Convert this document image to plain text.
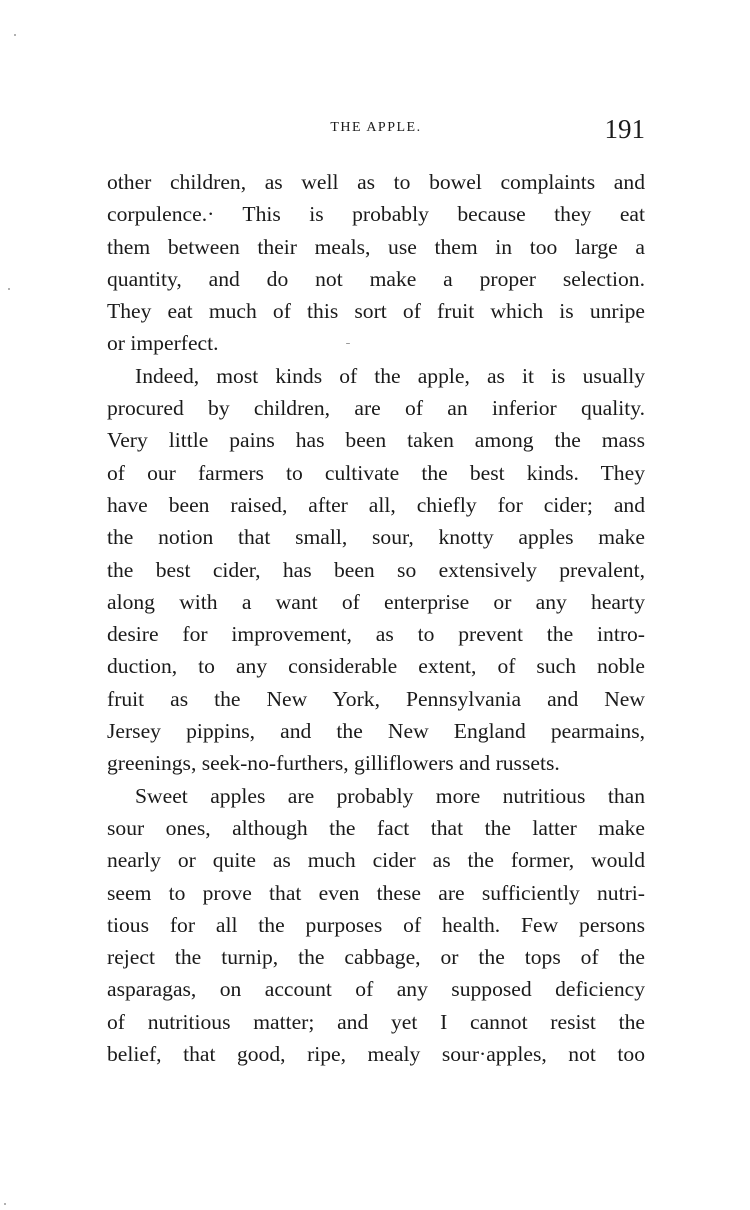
THE APPLE.	191

other children, as well as to bowel complaints and
corpulence.· This is probably because they eat
them between their meals, use them in too large a
quantity, and do not make a proper selection.
They eat much of this sort of fruit which is unripe
or imperfect.

Indeed, most kinds of the apple, as it is usually
procured by children, are of an inferior quality.
Very little pains has been taken among the mass
of our farmers to cultivate the best kinds. They
have been raised, after all, chiefly for cider; and
the notion that small, sour, knotty apples make
the best cider, has been so extensively prevalent,
along with a want of enterprise or any hearty
desire for improvement, as to prevent the intro-
duction, to any considerable extent, of such noble
fruit as the New York, Pennsylvania and New
Jersey pippins, and the New England pearmains,
greenings, seek-no-furthers, gilliflowers and russets.

Sweet apples are probably more nutritious than
sour ones, although the fact that the latter make
nearly or quite as much cider as the former, would
seem to prove that even these are sufficiently nutri-
tious for all the purposes of health. Few persons
reject the turnip, the cabbage, or the tops of the
asparagas, on account of any supposed deficiency
of nutritious matter; and yet I cannot resist the
belief, that good, ripe, mealy sour·apples, not too
